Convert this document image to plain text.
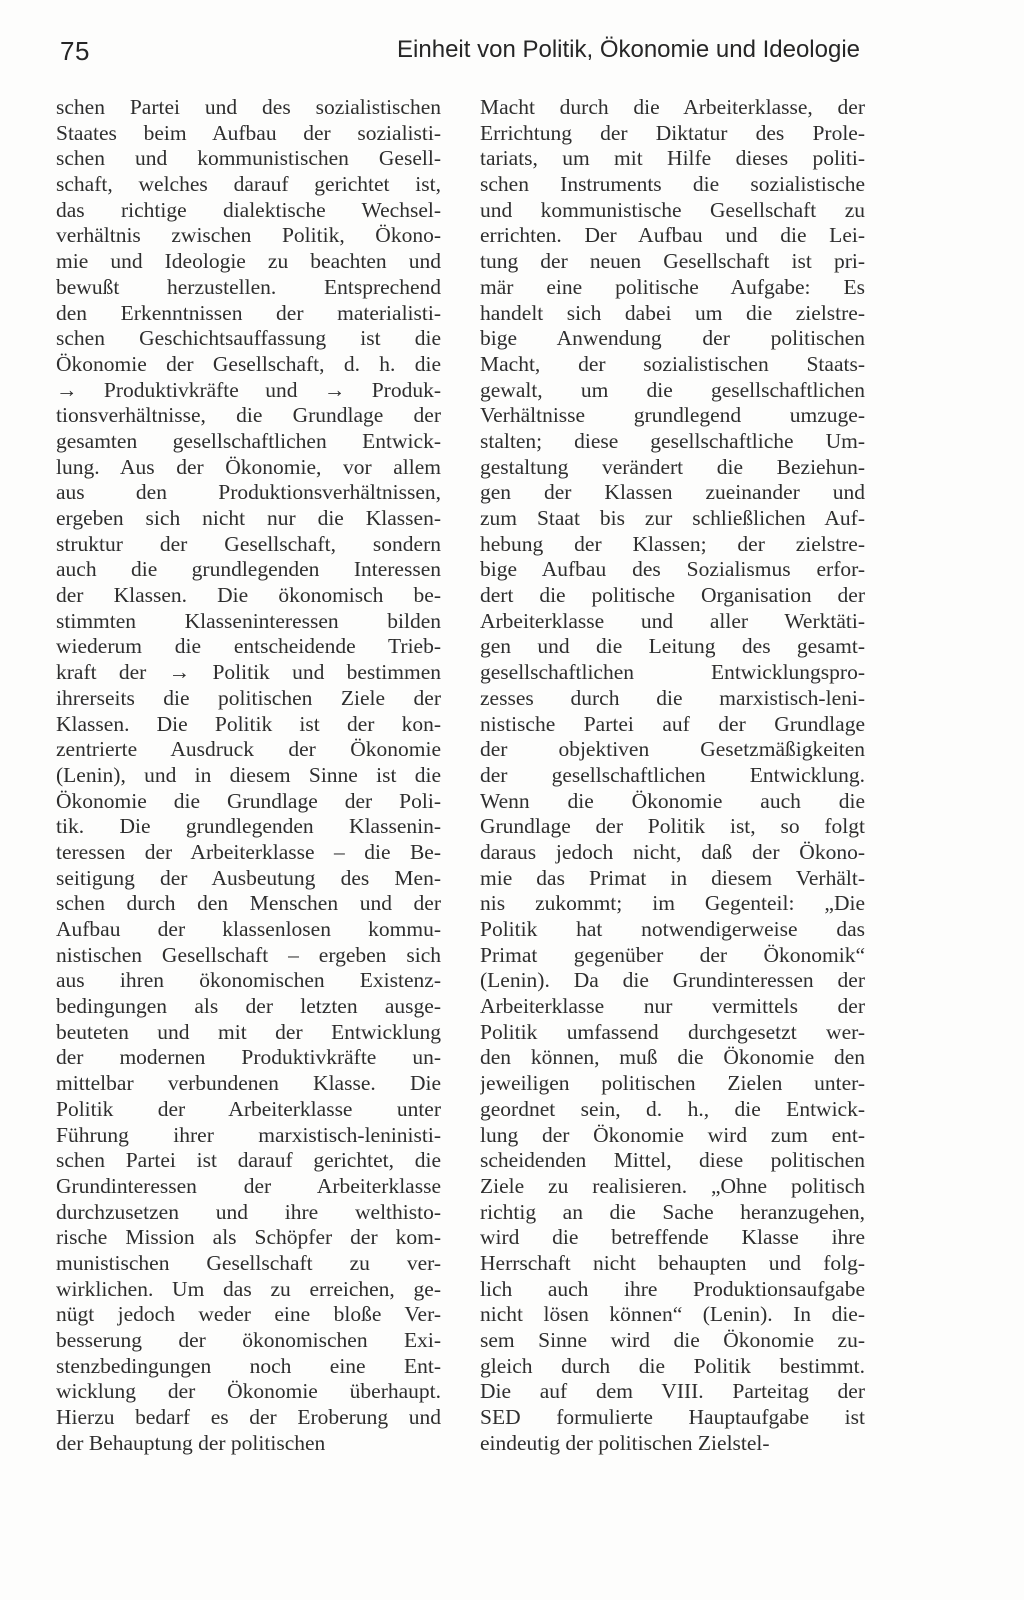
75	Einheit von Politik, Ökonomie und Ideologie
schen Partei und des sozialistischen
Staates beim Aufbau der sozialisti-
schen und kommunistischen Gesell-
schaft, welches darauf gerichtet ist,
das richtige dialektische Wechsel-
verhältnis zwischen Politik, Ökono-
mie und Ideologie zu beachten und
bewußt herzustellen. Entsprechend
den Erkenntnissen der materialisti-
schen Geschichtsauffassung ist die
Ökonomie der Gesellschaft, d. h. die
→ Produktivkräfte und → Produk-
tionsverhältnisse, die Grundlage der
gesamten gesellschaftlichen Entwick-
lung. Aus der Ökonomie, vor allem
aus den Produktionsverhältnissen,
ergeben sich nicht nur die Klassen-
struktur der Gesellschaft, sondern
auch die grundlegenden Interessen
der Klassen. Die ökonomisch be-
stimmten Klasseninteressen bilden
wiederum die entscheidende Trieb-
kraft der → Politik und bestimmen
ihrerseits die politischen Ziele der
Klassen. Die Politik ist der kon-
zentrierte Ausdruck der Ökonomie
(Lenin), und in diesem Sinne ist die
Ökonomie die Grundlage der Poli-
tik. Die grundlegenden Klassenin-
teressen der Arbeiterklasse – die Be-
seitigung der Ausbeutung des Men-
schen durch den Menschen und der
Aufbau der klassenlosen kommu-
nistischen Gesellschaft – ergeben sich
aus ihren ökonomischen Existenz-
bedingungen als der letzten ausge-
beuteten und mit der Entwicklung
der modernen Produktivkräfte un-
mittelbar verbundenen Klasse. Die
Politik der Arbeiterklasse unter
Führung ihrer marxistisch-leninisti-
schen Partei ist darauf gerichtet, die
Grundinteressen der Arbeiterklasse
durchzusetzen und ihre welthisto-
rische Mission als Schöpfer der kom-
munistischen Gesellschaft zu ver-
wirklichen. Um das zu erreichen, ge-
nügt jedoch weder eine bloße Ver-
besserung der ökonomischen Exi-
stenzbedingungen noch eine Ent-
wicklung der Ökonomie überhaupt.
Hierzu bedarf es der Eroberung und
der Behauptung der politischen
Macht durch die Arbeiterklasse, der
Errichtung der Diktatur des Prole-
tariats, um mit Hilfe dieses politi-
schen Instruments die sozialistische
und kommunistische Gesellschaft zu
errichten. Der Aufbau und die Lei-
tung der neuen Gesellschaft ist pri-
mär eine politische Aufgabe: Es
handelt sich dabei um die zielstre-
bige Anwendung der politischen
Macht, der sozialistischen Staats-
gewalt, um die gesellschaftlichen
Verhältnisse grundlegend umzuge-
stalten; diese gesellschaftliche Um-
gestaltung verändert die Beziehun-
gen der Klassen zueinander und
zum Staat bis zur schließlichen Auf-
hebung der Klassen; der zielstre-
bige Aufbau des Sozialismus erfor-
dert die politische Organisation der
Arbeiterklasse und aller Werktäti-
gen und die Leitung des gesamt-
gesellschaftlichen Entwicklungspro-
zesses durch die marxistisch-leni-
nistische Partei auf der Grundlage
der objektiven Gesetzmäßigkeiten
der gesellschaftlichen Entwicklung.
Wenn die Ökonomie auch die
Grundlage der Politik ist, so folgt
daraus jedoch nicht, daß der Ökono-
mie das Primat in diesem Verhält-
nis zukommt; im Gegenteil: „Die
Politik hat notwendigerweise das
Primat gegenüber der Ökonomik“
(Lenin). Da die Grundinteressen der
Arbeiterklasse nur vermittels der
Politik umfassend durchgesetzt wer-
den können, muß die Ökonomie den
jeweiligen politischen Zielen unter-
geordnet sein, d. h., die Entwick-
lung der Ökonomie wird zum ent-
scheidenden Mittel, diese politischen
Ziele zu realisieren. „Ohne politisch
richtig an die Sache heranzugehen,
wird die betreffende Klasse ihre
Herrschaft nicht behaupten und folg-
lich auch ihre Produktionsaufgabe
nicht lösen können“ (Lenin). In die-
sem Sinne wird die Ökonomie zu-
gleich durch die Politik bestimmt.
Die auf dem VIII. Parteitag der
SED formulierte Hauptaufgabe ist
eindeutig der politischen Zielstel-
